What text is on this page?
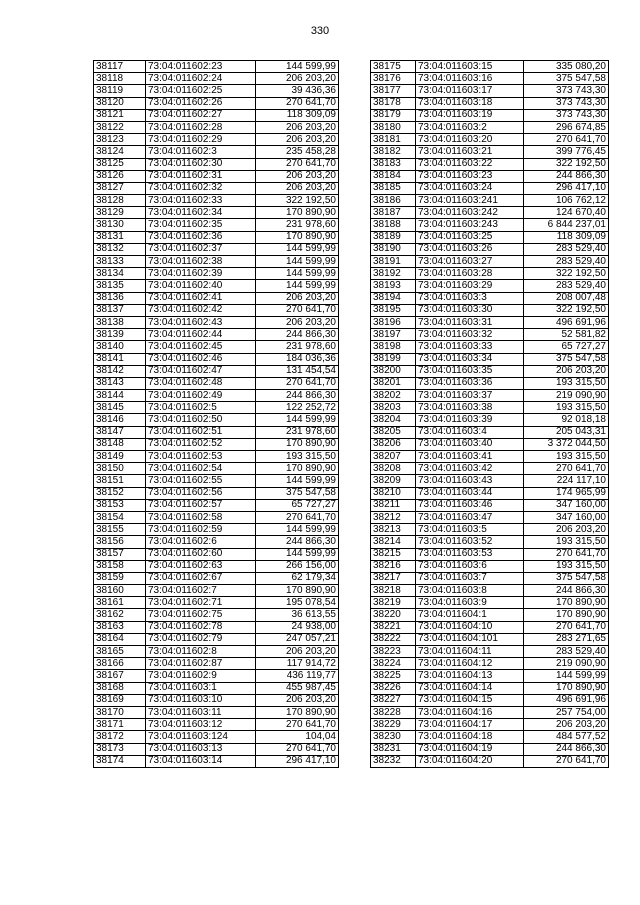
330
38117	73:04:011602:23	144 599,99
38118	73:04:011602:24	206 203,20
38119	73:04:011602:25	39 436,36
38120	73:04:011602:26	270 641,70
38121	73:04:011602:27	118 309,09
38122	73:04:011602:28	206 203,20
38123	73:04:011602:29	206 203,20
38124	73:04:011602:3	235 458,28
38125	73:04:011602:30	270 641,70
38126	73:04:011602:31	206 203,20
38127	73:04:011602:32	206 203,20
38128	73:04:011602:33	322 192,50
38129	73:04:011602:34	170 890,90
38130	73:04:011602:35	231 978,60
38131	73:04:011602:36	170 890,90
38132	73:04:011602:37	144 599,99
38133	73:04:011602:38	144 599,99
38134	73:04:011602:39	144 599,99
38135	73:04:011602:40	144 599,99
38136	73:04:011602:41	206 203,20
38137	73:04:011602:42	270 641,70
38138	73:04:011602:43	206 203,20
38139	73:04:011602:44	244 866,30
38140	73:04:011602:45	231 978,60
38141	73:04:011602:46	184 036,36
38142	73:04:011602:47	131 454,54
38143	73:04:011602:48	270 641,70
38144	73:04:011602:49	244 866,30
38145	73:04:011602:5	122 252,72
38146	73:04:011602:50	144 599,99
38147	73:04:011602:51	231 978,60
38148	73:04:011602:52	170 890,90
38149	73:04:011602:53	193 315,50
38150	73:04:011602:54	170 890,90
38151	73:04:011602:55	144 599,99
38152	73:04:011602:56	375 547,58
38153	73:04:011602:57	65 727,27
38154	73:04:011602:58	270 641,70
38155	73:04:011602:59	144 599,99
38156	73:04:011602:6	244 866,30
38157	73:04:011602:60	144 599,99
38158	73:04:011602:63	266 156,00
38159	73:04:011602:67	62 179,34
38160	73:04:011602:7	170 890,90
38161	73:04:011602:71	195 078,54
38162	73:04:011602:75	36 613,55
38163	73:04:011602:78	24 938,00
38164	73:04:011602:79	247 057,21
38165	73:04:011602:8	206 203,20
38166	73:04:011602:87	117 914,72
38167	73:04:011602:9	436 119,77
38168	73:04:011603:1	455 987,45
38169	73:04:011603:10	206 203,20
38170	73:04:011603:11	170 890,90
38171	73:04:011603:12	270 641,70
38172	73:04:011603:124	104,04
38173	73:04:011603:13	270 641,70
38174	73:04:011603:14	296 417,10
38175	73:04:011603:15	335 080,20
38176	73:04:011603:16	375 547,58
38177	73:04:011603:17	373 743,30
38178	73:04:011603:18	373 743,30
38179	73:04:011603:19	373 743,30
38180	73:04:011603:2	296 674,85
38181	73:04:011603:20	270 641,70
38182	73:04:011603:21	399 776,45
38183	73:04:011603:22	322 192,50
38184	73:04:011603:23	244 866,30
38185	73:04:011603:24	296 417,10
38186	73:04:011603:241	106 762,12
38187	73:04:011603:242	124 670,40
38188	73:04:011603:243	6 844 237,01
38189	73:04:011603:25	118 309,09
38190	73:04:011603:26	283 529,40
38191	73:04:011603:27	283 529,40
38192	73:04:011603:28	322 192,50
38193	73:04:011603:29	283 529,40
38194	73:04:011603:3	208 007,48
38195	73:04:011603:30	322 192,50
38196	73:04:011603:31	496 691,96
38197	73:04:011603:32	52 581,82
38198	73:04:011603:33	65 727,27
38199	73:04:011603:34	375 547,58
38200	73:04:011603:35	206 203,20
38201	73:04:011603:36	193 315,50
38202	73:04:011603:37	219 090,90
38203	73:04:011603:38	193 315,50
38204	73:04:011603:39	92 018,18
38205	73:04:011603:4	205 043,31
38206	73:04:011603:40	3 372 044,50
38207	73:04:011603:41	193 315,50
38208	73:04:011603:42	270 641,70
38209	73:04:011603:43	224 117,10
38210	73:04:011603:44	174 965,99
38211	73:04:011603:46	347 160,00
38212	73:04:011603:47	347 160,00
38213	73:04:011603:5	206 203,20
38214	73:04:011603:52	193 315,50
38215	73:04:011603:53	270 641,70
38216	73:04:011603:6	193 315,50
38217	73:04:011603:7	375 547,58
38218	73:04:011603:8	244 866,30
38219	73:04:011603:9	170 890,90
38220	73:04:011604:1	170 890,90
38221	73:04:011604:10	270 641,70
38222	73:04:011604:101	283 271,65
38223	73:04:011604:11	283 529,40
38224	73:04:011604:12	219 090,90
38225	73:04:011604:13	144 599,99
38226	73:04:011604:14	170 890,90
38227	73:04:011604:15	496 691,96
38228	73:04:011604:16	257 754,00
38229	73:04:011604:17	206 203,20
38230	73:04:011604:18	484 577,52
38231	73:04:011604:19	244 866,30
38232	73:04:011604:20	270 641,70
